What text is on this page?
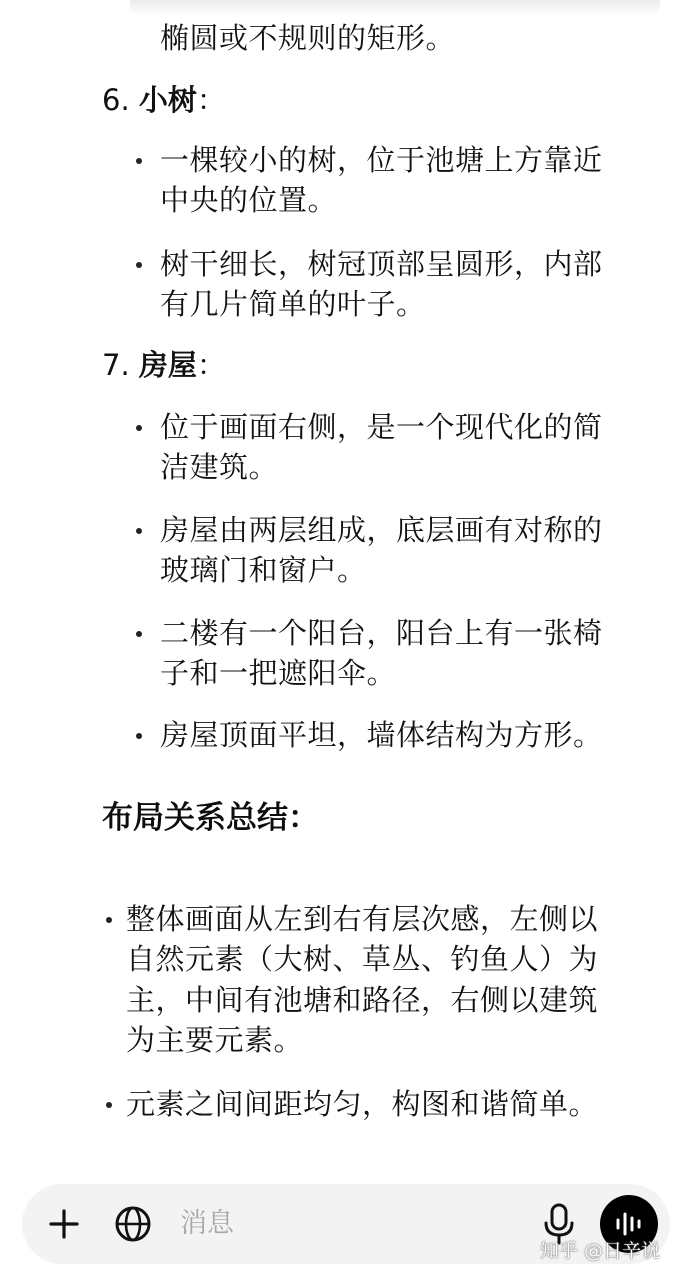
椭圆或不规则的矩形。

6. 小树：

一棵较小的树，位于池塘上方靠近

中央的位置。

树干细长，树冠顶部呈圆形，内部

有几片简单的叶子。

7. 房屋：

位于画面右侧，是一个现代化的简

洁建筑。

房屋由两层组成，底层画有对称的

玻璃门和窗户。

二楼有一个阳台，阳台上有一张椅

子和一把遮阳伞。

房屋顶面平坦，墙体结构为方形。

布局关系总结：

整体画面从左到右有层次感，左侧以

自然元素（大树、草丛、钓鱼人）为

主，中间有池塘和路径，右侧以建筑

为主要元素。

元素之间间距均匀，构图和谐简单。

消息
知乎 @日辛说
